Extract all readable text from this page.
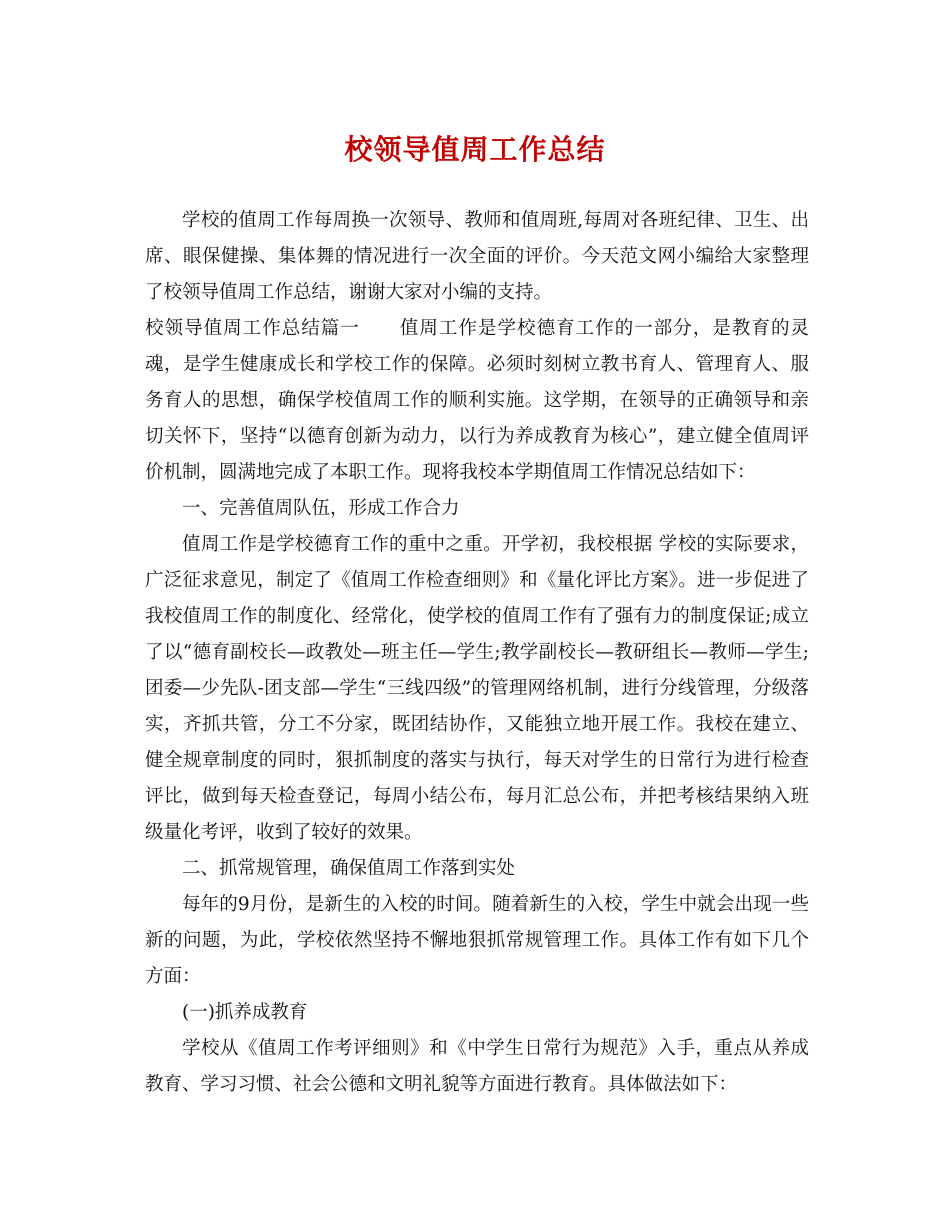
校领导值周工作总结

学校的值周工作每周换一次领导、教师和值周班,每周对各班纪律、卫生、出席、眼保健操、集体舞的情况进行一次全面的评价。今天范文网小编给大家整理了校领导值周工作总结，谢谢大家对小编的支持。

校领导值周工作总结篇一 值周工作是学校德育工作的一部分，是教育的灵魂，是学生健康成长和学校工作的保障。必须时刻树立教书育人、管理育人、服务育人的思想，确保学校值周工作的顺利实施。这学期，在领导的正确领导和亲切关怀下，坚持“以德育创新为动力，以行为养成教育为核心”，建立健全值周评价机制，圆满地完成了本职工作。现将我校本学期值周工作情况总结如下：

一、完善值周队伍，形成工作合力

值周工作是学校德育工作的重中之重。开学初，我校根据 学校的实际要求，广泛征求意见，制定了《值周工作检查细则》和《量化评比方案》。进一步促进了我校值周工作的制度化、经常化，使学校的值周工作有了强有力的制度保证;成立了以“德育副校长—政教处—班主任—学生;教学副校长—教研组长—教师—学生;团委—少先队-团支部—学生“三线四级”的管理网络机制，进行分线管理，分级落实，齐抓共管，分工不分家，既团结协作，又能独立地开展工作。我校在建立、健全规章制度的同时，狠抓制度的落实与执行，每天对学生的日常行为进行检查评比，做到每天检查登记，每周小结公布，每月汇总公布，并把考核结果纳入班级量化考评，收到了较好的效果。

二、抓常规管理，确保值周工作落到实处

每年的9月份，是新生的入校的时间。随着新生的入校，学生中就会出现一些新的问题，为此，学校依然坚持不懈地狠抓常规管理工作。具体工作有如下几个方面：

(一)抓养成教育

学校从《值周工作考评细则》和《中学生日常行为规范》入手，重点从养成教育、学习习惯、社会公德和文明礼貌等方面进行教育。具体做法如下：
